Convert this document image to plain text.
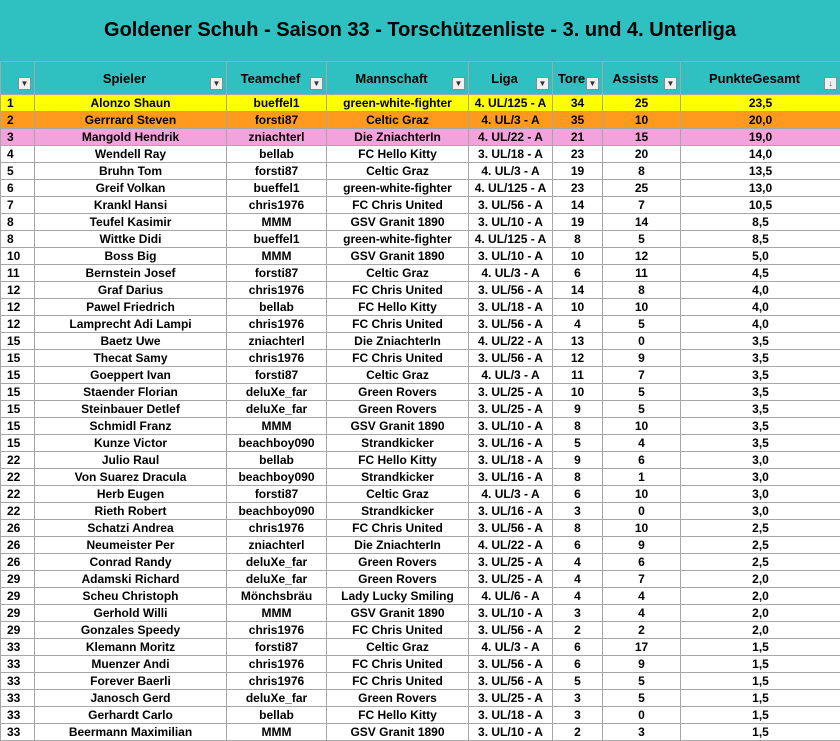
Goldener Schuh - Saison 33 - Torschützenliste - 3. und 4. Unterliga
▼	Spieler ▼	Teamchef ▼	Mannschaft ▼	Liga ▼	Tore ▼	Assists ▼	PunkteGesamt ↓

1	Alonzo Shaun	bueffel1	green-white-fighter	4. UL/125 - A	34	25	23,5
2	Gerrrard Steven	forsti87	Celtic Graz	4. UL/3 - A	35	10	20,0
3	Mangold Hendrik	zniachterl	Die ZniachterIn	4. UL/22 - A	21	15	19,0
4	Wendell Ray	bellab	FC Hello Kitty	3. UL/18 - A	23	20	14,0
5	Bruhn Tom	forsti87	Celtic Graz	4. UL/3 - A	19	8	13,5
6	Greif Volkan	bueffel1	green-white-fighter	4. UL/125 - A	23	25	13,0
7	Krankl Hansi	chris1976	FC Chris United	3. UL/56 - A	14	7	10,5
8	Teufel Kasimir	MMM	GSV Granit 1890	3. UL/10 - A	19	14	8,5
8	Wittke Didi	bueffel1	green-white-fighter	4. UL/125 - A	8	5	8,5
10	Boss Big	MMM	GSV Granit 1890	3. UL/10 - A	10	12	5,0
11	Bernstein Josef	forsti87	Celtic Graz	4. UL/3 - A	6	11	4,5
12	Graf Darius	chris1976	FC Chris United	3. UL/56 - A	14	8	4,0
12	Pawel Friedrich	bellab	FC Hello Kitty	3. UL/18 - A	10	10	4,0
12	Lamprecht Adi Lampi	chris1976	FC Chris United	3. UL/56 - A	4	5	4,0
15	Baetz Uwe	zniachterl	Die ZniachterIn	4. UL/22 - A	13	0	3,5
15	Thecat Samy	chris1976	FC Chris United	3. UL/56 - A	12	9	3,5
15	Goeppert Ivan	forsti87	Celtic Graz	4. UL/3 - A	11	7	3,5
15	Staender Florian	deluXe_far	Green Rovers	3. UL/25 - A	10	5	3,5
15	Steinbauer Detlef	deluXe_far	Green Rovers	3. UL/25 - A	9	5	3,5
15	Schmidl Franz	MMM	GSV Granit 1890	3. UL/10 - A	8	10	3,5
15	Kunze Victor	beachboy090	Strandkicker	3. UL/16 - A	5	4	3,5
22	Julio Raul	bellab	FC Hello Kitty	3. UL/18 - A	9	6	3,0
22	Von Suarez Dracula	beachboy090	Strandkicker	3. UL/16 - A	8	1	3,0
22	Herb Eugen	forsti87	Celtic Graz	4. UL/3 - A	6	10	3,0
22	Rieth Robert	beachboy090	Strandkicker	3. UL/16 - A	3	0	3,0
26	Schatzi Andrea	chris1976	FC Chris United	3. UL/56 - A	8	10	2,5
26	Neumeister Per	zniachterl	Die ZniachterIn	4. UL/22 - A	6	9	2,5
26	Conrad Randy	deluXe_far	Green Rovers	3. UL/25 - A	4	6	2,5
29	Adamski Richard	deluXe_far	Green Rovers	3. UL/25 - A	4	7	2,0
29	Scheu Christoph	Mönchsbräu	Lady Lucky Smiling	4. UL/6 - A	4	4	2,0
29	Gerhold Willi	MMM	GSV Granit 1890	3. UL/10 - A	3	4	2,0
29	Gonzales Speedy	chris1976	FC Chris United	3. UL/56 - A	2	2	2,0
33	Klemann Moritz	forsti87	Celtic Graz	4. UL/3 - A	6	17	1,5
33	Muenzer Andi	chris1976	FC Chris United	3. UL/56 - A	6	9	1,5
33	Forever Baerli	chris1976	FC Chris United	3. UL/56 - A	5	5	1,5
33	Janosch Gerd	deluXe_far	Green Rovers	3. UL/25 - A	3	5	1,5
33	Gerhardt Carlo	bellab	FC Hello Kitty	3. UL/18 - A	3	0	1,5
33	Beermann Maximilian	MMM	GSV Granit 1890	3. UL/10 - A	2	3	1,5
